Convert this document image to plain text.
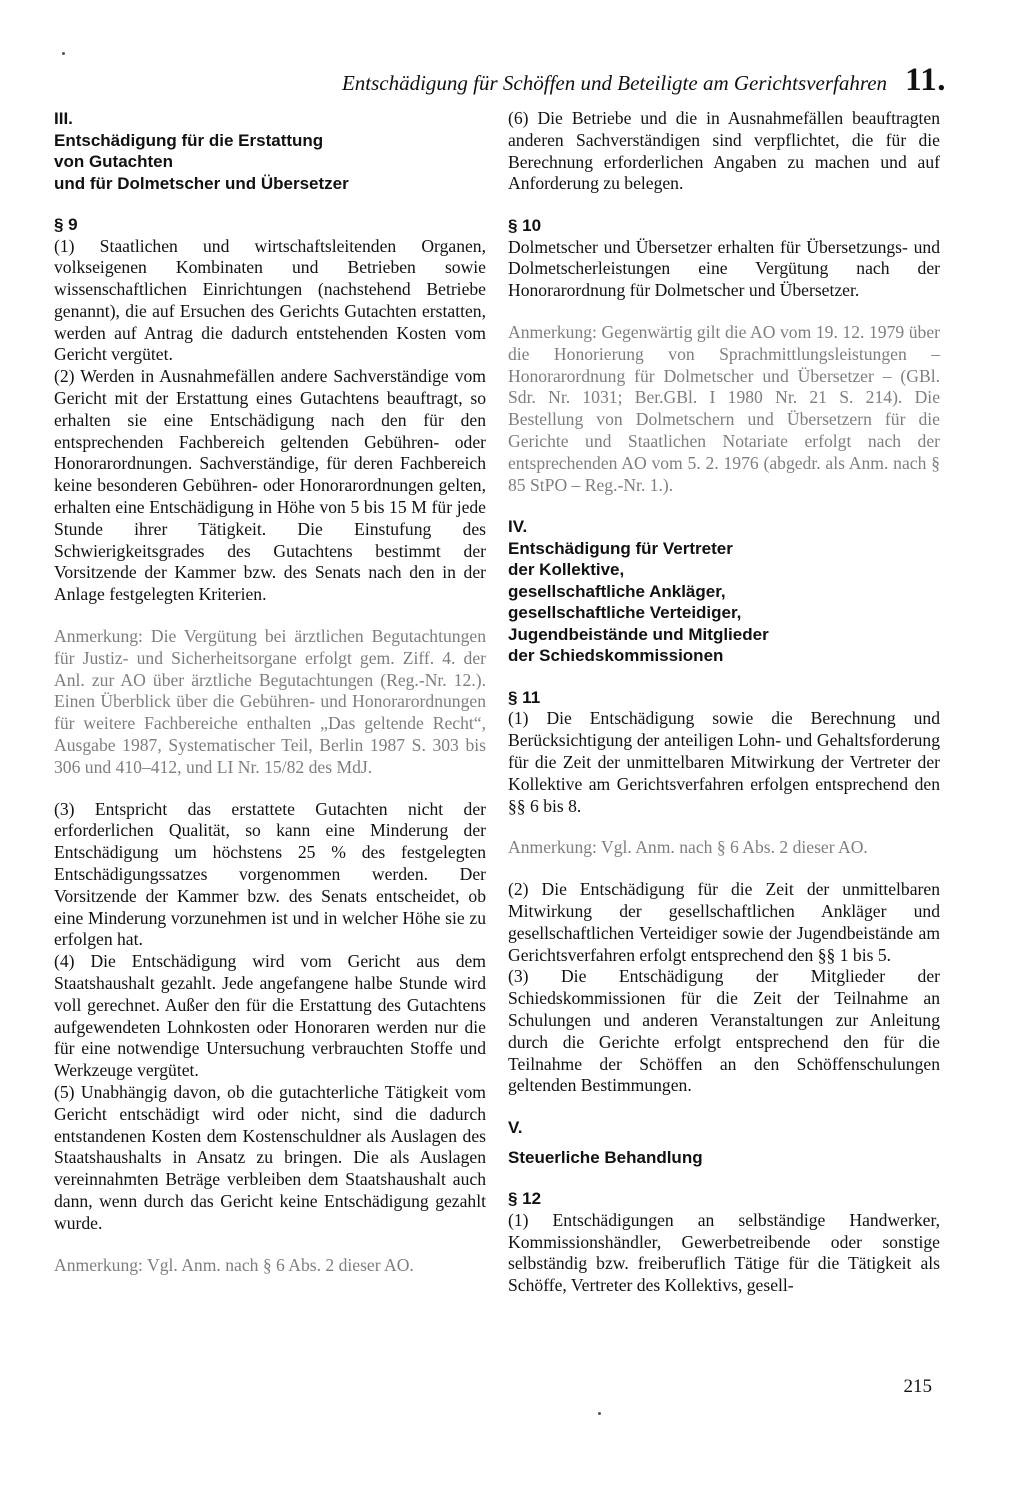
Entschädigung für Schöffen und Beteiligte am Gerichtsverfahren 11.
III.
Entschädigung für die Erstattung
von Gutachten
und für Dolmetscher und Übersetzer

§ 9

(1) Staatlichen und wirtschaftsleitenden Organen, volkseigenen Kombinaten und Betrieben sowie wissenschaftlichen Einrichtungen (nachstehend Betriebe genannt), die auf Ersuchen des Gerichts Gutachten erstatten, werden auf Antrag die dadurch entstehenden Kosten vom Gericht vergütet.

(2) Werden in Ausnahmefällen andere Sachverständige vom Gericht mit der Erstattung eines Gutachtens beauftragt, so erhalten sie eine Entschädigung nach den für den entsprechenden Fachbereich geltenden Gebühren- oder Honorarordnungen. Sachverständige, für deren Fachbereich keine besonderen Gebühren- oder Honorarordnungen gelten, erhalten eine Entschädigung in Höhe von 5 bis 15 M für jede Stunde ihrer Tätigkeit. Die Einstufung des Schwierigkeitsgrades des Gutachtens bestimmt der Vorsitzende der Kammer bzw. des Senats nach den in der Anlage festgelegten Kriterien.

Anmerkung: Die Vergütung bei ärztlichen Begutachtungen für Justiz- und Sicherheitsorgane erfolgt gem. Ziff. 4. der Anl. zur AO über ärztliche Begutachtungen (Reg.-Nr. 12.). Einen Überblick über die Gebühren- und Honorarordnungen für weitere Fachbereiche enthalten „Das geltende Recht“, Ausgabe 1987, Systematischer Teil, Berlin 1987 S. 303 bis 306 und 410–412, und LI Nr. 15/82 des MdJ.

(3) Entspricht das erstattete Gutachten nicht der erforderlichen Qualität, so kann eine Minderung der Entschädigung um höchstens 25 % des festgelegten Entschädigungssatzes vorgenommen werden. Der Vorsitzende der Kammer bzw. des Senats entscheidet, ob eine Minderung vorzunehmen ist und in welcher Höhe sie zu erfolgen hat.

(4) Die Entschädigung wird vom Gericht aus dem Staatshaushalt gezahlt. Jede angefangene halbe Stunde wird voll gerechnet. Außer den für die Erstattung des Gutachtens aufgewendeten Lohnkosten oder Honoraren werden nur die für eine notwendige Untersuchung verbrauchten Stoffe und Werkzeuge vergütet.

(5) Unabhängig davon, ob die gutachterliche Tätigkeit vom Gericht entschädigt wird oder nicht, sind die dadurch entstandenen Kosten dem Kostenschuldner als Auslagen des Staatshaushalts in Ansatz zu bringen. Die als Auslagen vereinnahmten Beträge verbleiben dem Staatshaushalt auch dann, wenn durch das Gericht keine Entschädigung gezahlt wurde.

Anmerkung: Vgl. Anm. nach § 6 Abs. 2 dieser AO.

(6) Die Betriebe und die in Ausnahmefällen beauftragten anderen Sachverständigen sind verpflichtet, die für die Berechnung erforderlichen Angaben zu machen und auf Anforderung zu belegen.

§ 10

Dolmetscher und Übersetzer erhalten für Übersetzungs- und Dolmetscherleistungen eine Vergütung nach der Honorarordnung für Dolmetscher und Übersetzer.

Anmerkung: Gegenwärtig gilt die AO vom 19. 12. 1979 über die Honorierung von Sprachmittlungsleistungen – Honorarordnung für Dolmetscher und Übersetzer – (GBl. Sdr. Nr. 1031; Ber.GBl. I 1980 Nr. 21 S. 214). Die Bestellung von Dolmetschern und Übersetzern für die Gerichte und Staatlichen Notariate erfolgt nach der entsprechenden AO vom 5. 2. 1976 (abgedr. als Anm. nach § 85 StPO – Reg.-Nr. 1.).

IV.
Entschädigung für Vertreter
der Kollektive,
gesellschaftliche Ankläger,
gesellschaftliche Verteidiger,
Jugendbeistände und Mitglieder
der Schiedskommissionen

§ 11

(1) Die Entschädigung sowie die Berechnung und Berücksichtigung der anteiligen Lohn- und Gehaltsforderung für die Zeit der unmittelbaren Mitwirkung der Vertreter der Kollektive am Gerichtsverfahren erfolgen entsprechend den §§ 6 bis 8.

Anmerkung: Vgl. Anm. nach § 6 Abs. 2 dieser AO.

(2) Die Entschädigung für die Zeit der unmittelbaren Mitwirkung der gesellschaftlichen Ankläger und gesellschaftlichen Verteidiger sowie der Jugendbeistände am Gerichtsverfahren erfolgt entsprechend den §§ 1 bis 5.

(3) Die Entschädigung der Mitglieder der Schiedskommissionen für die Zeit der Teilnahme an Schulungen und anderen Veranstaltungen zur Anleitung durch die Gerichte erfolgt entsprechend den für die Teilnahme der Schöffen an den Schöffenschulungen geltenden Bestimmungen.

V.
Steuerliche Behandlung

§ 12

(1) Entschädigungen an selbständige Handwerker, Kommissionshändler, Gewerbetreibende oder sonstige selbständig bzw. freiberuflich Tätige für die Tätigkeit als Schöffe, Vertreter des Kollektivs, gesell-

215
